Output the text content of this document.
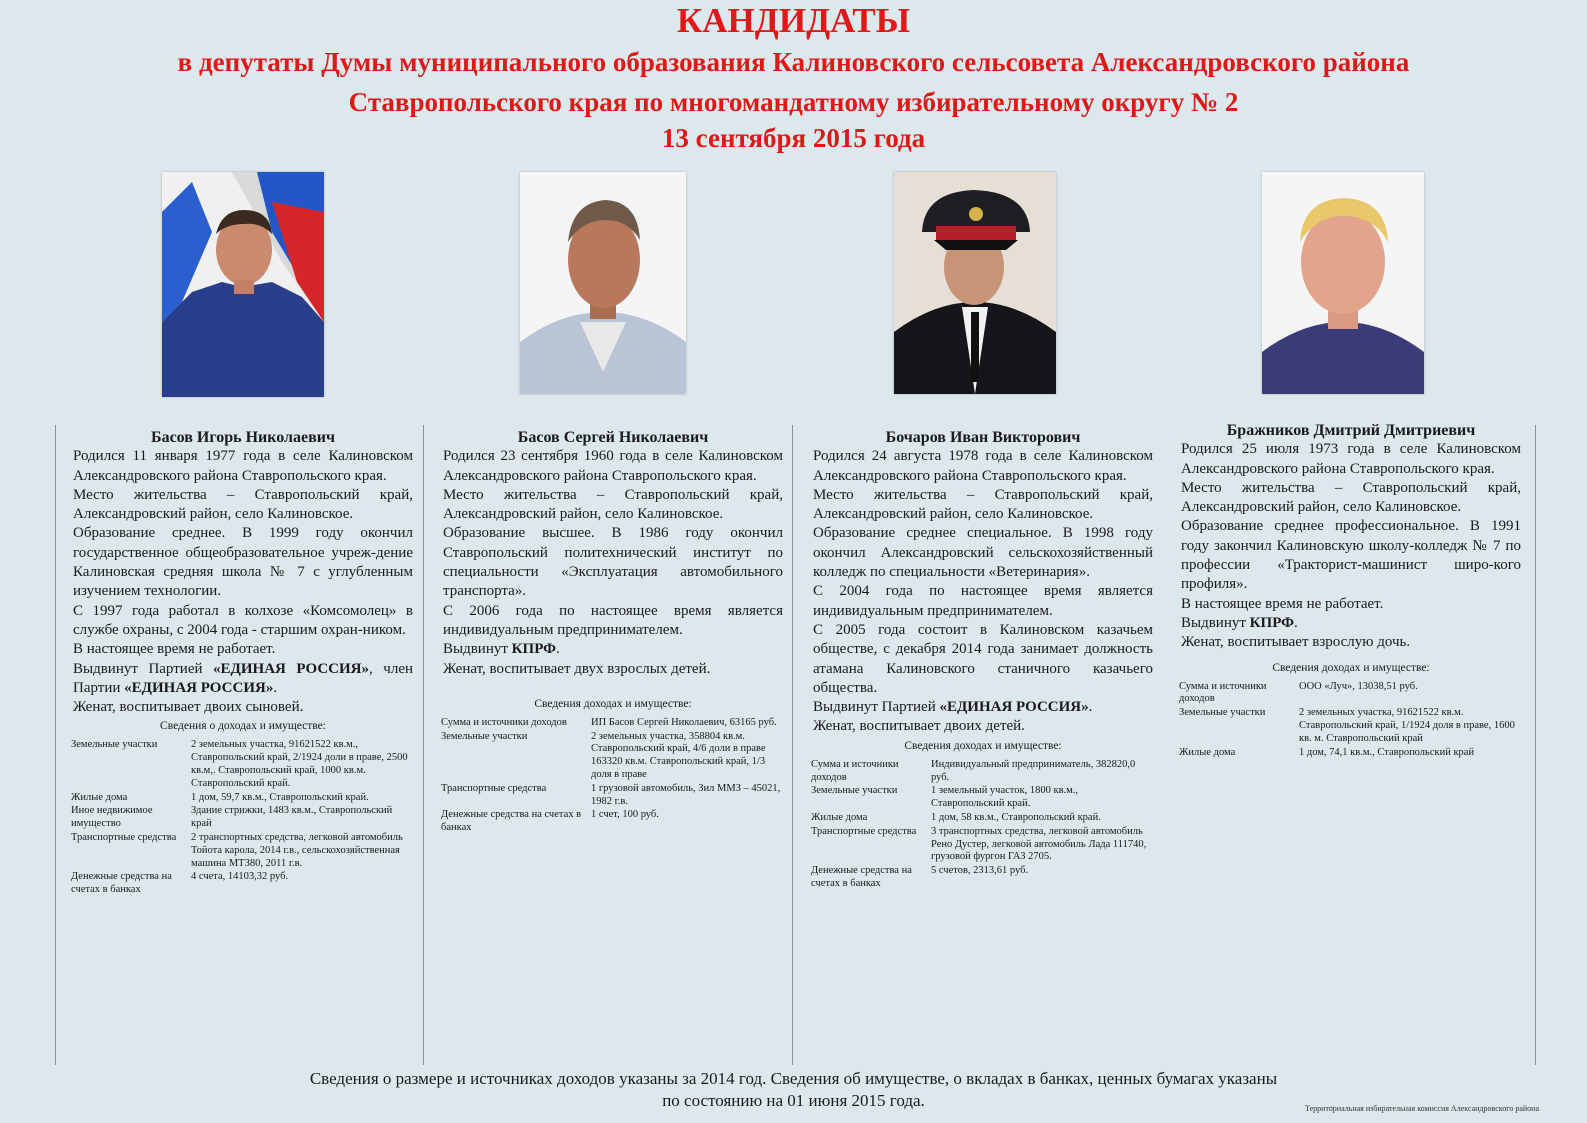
КАНДИДАТЫ
в депутаты Думы муниципального образования Калиновского сельсовета Александровского района
Ставропольского края по многомандатному избирательному округу № 2
13 сентября 2015 года
Басов Игорь Николаевич
Родился 11 января 1977 года в селе Калиновском Александровского района Ставропольского края.
Место жительства – Ставропольский край, Александровский район, село Калиновское.
Образование среднее. В 1999 году окончил государственное общеобразовательное учреж-дение Калиновская средняя школа № 7 с углубленным изучением технологии.
С 1997 года работал в колхозе «Комсомолец» в службе охраны, с 2004 года - старшим охран-ником.
В настоящее время не работает.
Выдвинут Партией «ЕДИНАЯ РОССИЯ», член Партии «ЕДИНАЯ РОССИЯ».
Женат, воспитывает двоих сыновей.
Сведения о доходах и имуществе:
Земельные участки	2 земельных участка, 91621522 кв.м., Ставропольский край, 2/1924 доли в праве, 2500 кв.м,. Ставропольский край, 1000 кв.м. Ставропольский край.
Жилые дома	1 дом, 59,7 кв.м., Ставропольский край.
Иное недвижимое имущество	Здание стрижки, 1483 кв.м., Ставропольский край
Транспортные средства	2 транспортных средства, легковой автомобиль Тойота карола, 2014 г.в., сельскохозяйственная машина МТ380, 2011 г.в.
Денежные средства на счетах в банках	4 счета, 14103,32 руб.
Басов Сергей Николаевич
Родился 23 сентября 1960 года в селе Калиновском Александровского района Ставропольского края.
Место жительства – Ставропольский край, Александровский район, село Калиновское.
Образование высшее. В 1986 году окончил Ставропольский политехнический институт по специальности «Эксплуатация автомобильного транспорта».
С 2006 года по настоящее время является индивидуальным предпринимателем.
Выдвинут КПРФ.
Женат, воспитывает двух взрослых детей.
Сведения доходах и имуществе:
Сумма и источники доходов	ИП Басов Сергей Николаевич, 63165 руб.
Земельные участки	2 земельных участка, 358804 кв.м. Ставропольский край, 4/6 доли в праве 163320 кв.м. Ставропольский край, 1/3 доля в праве
Транспортные средства	1 грузовой автомобиль, Зил ММЗ – 45021, 1982 г.в.
Денежные средства на счетах в банках	1 счет, 100 руб.
Бочаров Иван Викторович
Родился 24 августа 1978 года в селе Калиновском Александровского района Ставропольского края.
Место жительства – Ставропольский край, Александровский район, село Калиновское.
Образование среднее специальное. В 1998 году окончил Александровский сельскохозяйственный колледж по специальности «Ветеринария».
С 2004 года по настоящее время является индивидуальным предпринимателем.
С 2005 года состоит в Калиновском казачьем обществе, с декабря 2014 года занимает должность атамана Калиновского станичного казачьего общества.
Выдвинут Партией «ЕДИНАЯ РОССИЯ».
Женат, воспитывает двоих детей.
Сведения доходах и имуществе:
Сумма и источники доходов	Индивидуальный предприниматель, 382820,0 руб.
Земельные участки	1 земельный участок, 1800 кв.м., Ставропольский край.
Жилые дома	1 дом, 58 кв.м., Ставропольский край.
Транспортные средства	3 транспортных средства, легковой автомобиль Рено Дустер, легковой автомобиль Лада 111740, грузовой фургон ГАЗ 2705.
Денежные средства на счетах в банках	5 счетов, 2313,61 руб.
Бражников Дмитрий Дмитриевич
Родился 25 июля 1973 года в селе Калиновском Александровского района Ставропольского края.
Место жительства – Ставропольский край, Александровский район, село Калиновское.
Образование среднее профессиональное. В 1991 году закончил Калиновскую школу-колледж № 7 по профессии «Тракторист-машинист широ-кого профиля».
В настоящее время не работает.
Выдвинут КПРФ.
Женат, воспитывает взрослую дочь.
Сведения доходах и имуществе:
Сумма и источники доходов	ООО «Луч», 13038,51 руб.
Земельные участки	2 земельных участка, 91621522 кв.м. Ставропольский край, 1/1924 доля в праве, 1600 кв. м. Ставропольский край
Жилые дома	1 дом, 74,1 кв.м., Ставропольский край
Сведения о размере и источниках доходов указаны за 2014 год. Сведения об имуществе, о вкладах в банках, ценных бумагах указаны
по состоянию на 01 июня 2015 года.	Территориальная избирательная комиссия Александровского района
